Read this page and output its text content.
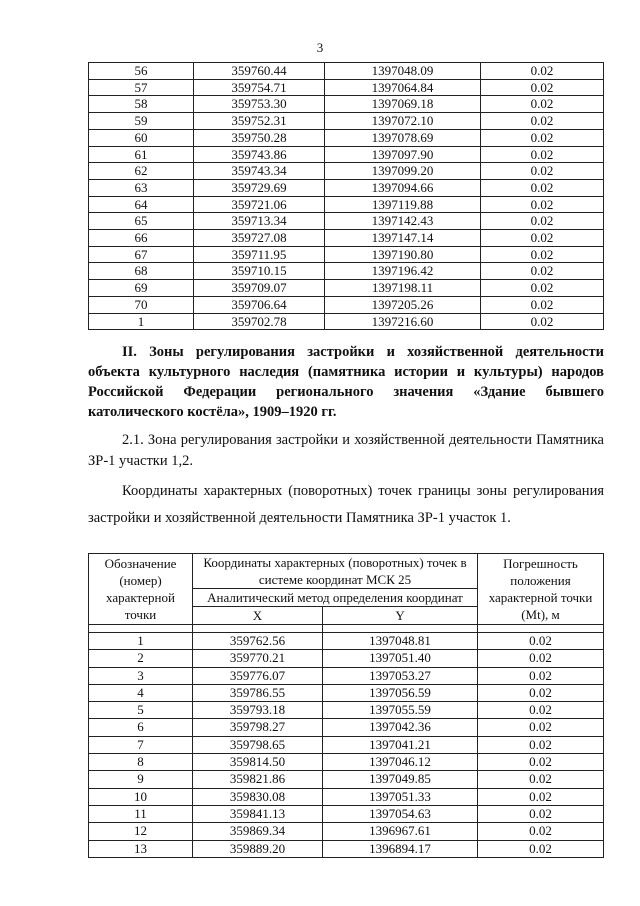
3
56	359760.44	1397048.09	0.02
57	359754.71	1397064.84	0.02
58	359753.30	1397069.18	0.02
59	359752.31	1397072.10	0.02
60	359750.28	1397078.69	0.02
61	359743.86	1397097.90	0.02
62	359743.34	1397099.20	0.02
63	359729.69	1397094.66	0.02
64	359721.06	1397119.88	0.02
65	359713.34	1397142.43	0.02
66	359727.08	1397147.14	0.02
67	359711.95	1397190.80	0.02
68	359710.15	1397196.42	0.02
69	359709.07	1397198.11	0.02
70	359706.64	1397205.26	0.02
1	359702.78	1397216.60	0.02
II. Зоны регулирования застройки и хозяйственной деятельности объекта культурного наследия (памятника истории и культуры) народов Российской Федерации регионального значения «Здание бывшего католического костёла», 1909–1920 гг.
2.1. Зона регулирования застройки и хозяйственной деятельности Памятника ЗР-1 участки 1,2.
Координаты характерных (поворотных) точек границы зоны регулирования застройки и хозяйственной деятельности Памятника ЗР-1 участок 1.
Обозначение (номер) характерной точки	Координаты характерных (поворотных) точек в системе координат МСК 25		Погрешность положения характерной точки (Mt), м
	Аналитический метод определения координат		
	X	Y	

1	359762.56	1397048.81	0.02
2	359770.21	1397051.40	0.02
3	359776.07	1397053.27	0.02
4	359786.55	1397056.59	0.02
5	359793.18	1397055.59	0.02
6	359798.27	1397042.36	0.02
7	359798.65	1397041.21	0.02
8	359814.50	1397046.12	0.02
9	359821.86	1397049.85	0.02
10	359830.08	1397051.33	0.02
11	359841.13	1397054.63	0.02
12	359869.34	1396967.61	0.02
13	359889.20	1396894.17	0.02
